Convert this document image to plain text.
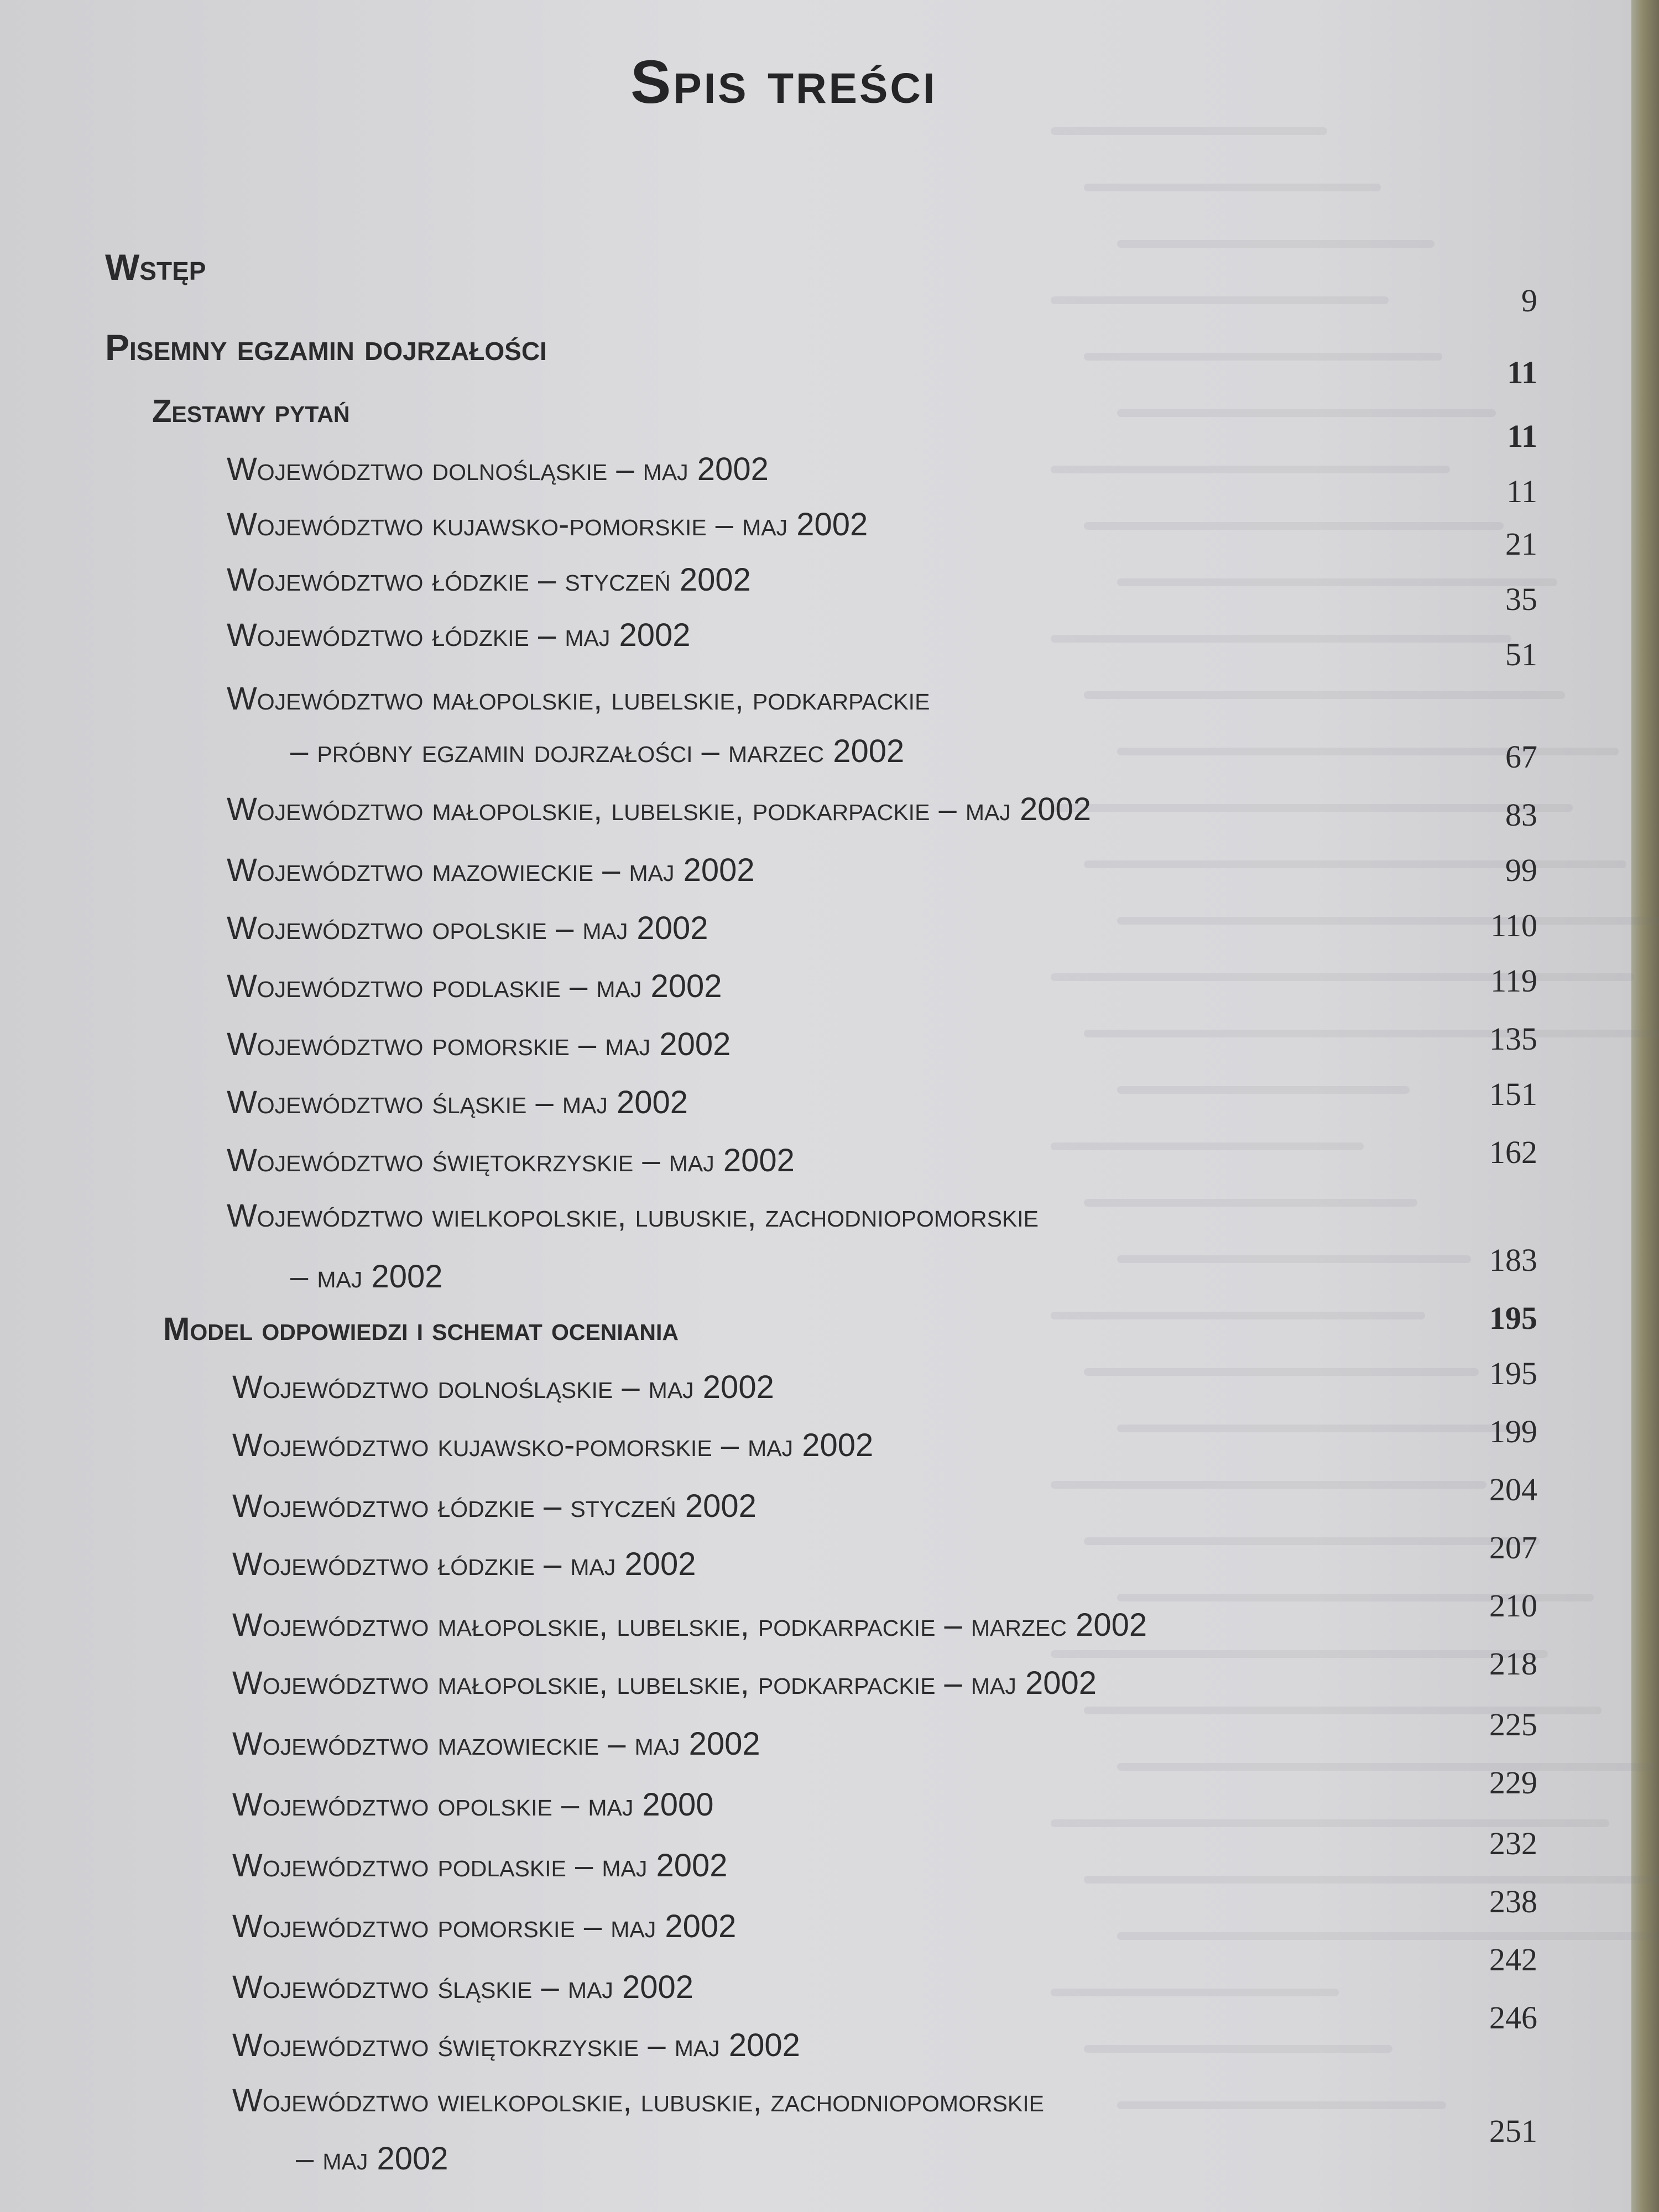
Spis treści
Wstęp
9
Pisemny egzamin dojrzałości
11
Zestawy pytań
11
Województwo dolnośląskie – maj 2002
11
Województwo kujawsko-pomorskie – maj 2002
21
Województwo łódzkie – styczeń 2002
35
Województwo łódzkie – maj 2002
51
Województwo małopolskie, lubelskie, podkarpackie
– próbny egzamin dojrzałości – marzec 2002	67
Województwo małopolskie, lubelskie, podkarpackie – maj 2002	83
Województwo mazowieckie – maj 2002	99
Województwo opolskie – maj 2002	110
Województwo podlaskie – maj 2002	119
Województwo pomorskie – maj 2002	135
Województwo śląskie – maj 2002	151
Województwo świętokrzyskie – maj 2002	162
Województwo wielkopolskie, lubuskie, zachodniopomorskie
– maj 2002	183
Model odpowiedzi i schemat oceniania	195
Województwo dolnośląskie – maj 2002	195
Województwo kujawsko-pomorskie – maj 2002	199
Województwo łódzkie – styczeń 2002	204
Województwo łódzkie – maj 2002	207
Województwo małopolskie, lubelskie, podkarpackie – marzec 2002
210
Województwo małopolskie, lubelskie, podkarpackie – maj 2002
218
Województwo mazowieckie – maj 2002
225
Województwo opolskie – maj 2000
229
Województwo podlaskie – maj 2002
232
Województwo pomorskie – maj 2002
238
Województwo śląskie – maj 2002
242
Województwo świętokrzyskie – maj 2002
246
Województwo wielkopolskie, lubuskie, zachodniopomorskie
– maj 2002
251
